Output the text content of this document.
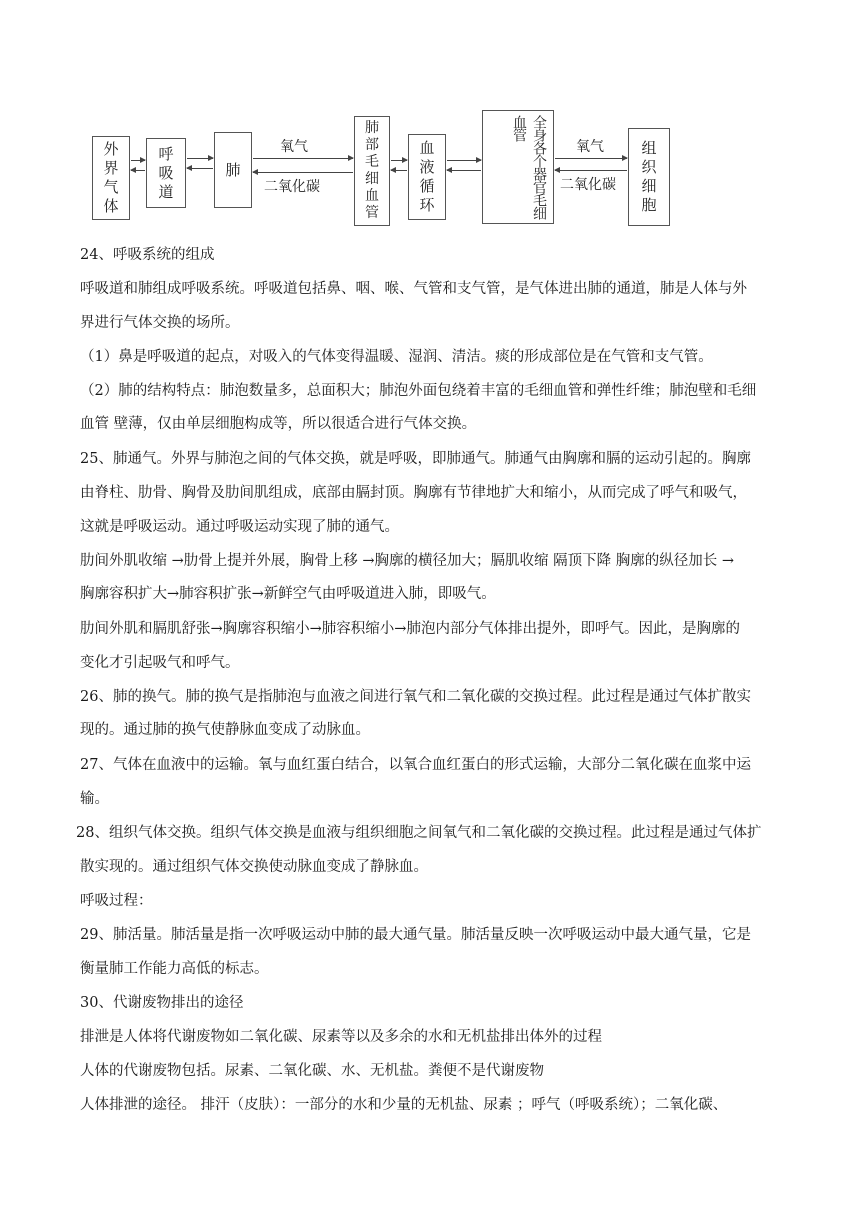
外
界
气
体
呼
吸
道
肺
肺
部
毛
细
血
管
血
液
循
环	全身各个器官毛细血管
组
织
细
胞
氧气
二氧化碳
氧气
二氧化碳
24、呼吸系统的组成
呼吸道和肺组成呼吸系统。呼吸道包括鼻、咽、喉、气管和支气管，是气体进出肺的通道，肺是人体与外
界进行气体交换的场所。
（1）鼻是呼吸道的起点，对吸入的气体变得温暖、湿润、清洁。痰的形成部位是在气管和支气管。
（2）肺的结构特点：肺泡数量多，总面积大；肺泡外面包绕着丰富的毛细血管和弹性纤维；肺泡壁和毛细
血管 壁薄，仅由单层细胞构成等，所以很适合进行气体交换。
25、肺通气。外界与肺泡之间的气体交换，就是呼吸，即肺通气。肺通气由胸廓和膈的运动引起的。胸廓
由脊柱、肋骨、胸骨及肋间肌组成，底部由膈封顶。胸廓有节律地扩大和缩小，从而完成了呼气和吸气，
这就是呼吸运动。通过呼吸运动实现了肺的通气。
肋间外肌收缩 →肋骨上提并外展，胸骨上移 →胸廓的横径加大；膈肌收缩 隔顶下降 胸廓的纵径加长 →
胸廓容积扩大→肺容积扩张→新鲜空气由呼吸道进入肺，即吸气。
肋间外肌和膈肌舒张→胸廓容积缩小→肺容积缩小→肺泡内部分气体排出提外，即呼气。因此，是胸廓的
变化才引起吸气和呼气。
26、肺的换气。肺的换气是指肺泡与血液之间进行氧气和二氧化碳的交换过程。此过程是通过气体扩散实
现的。通过肺的换气使静脉血变成了动脉血。
27、气体在血液中的运输。氧与血红蛋白结合，以氧合血红蛋白的形式运输，大部分二氧化碳在血浆中运
输。
28、组织气体交换。组织气体交换是血液与组织细胞之间氧气和二氧化碳的交换过程。此过程是通过气体扩
散实现的。通过组织气体交换使动脉血变成了静脉血。
呼吸过程：
29、肺活量。肺活量是指一次呼吸运动中肺的最大通气量。肺活量反映一次呼吸运动中最大通气量，它是
衡量肺工作能力高低的标志。
30、代谢废物排出的途径
排泄是人体将代谢废物如二氧化碳、尿素等以及多余的水和无机盐排出体外的过程
人体的代谢废物包括。尿素、二氧化碳、水、无机盐。粪便不是代谢废物
人体排泄的途径。 排汗（皮肤）：一部分的水和少量的无机盐、尿素 ；呼气（呼吸系统）；二氧化碳、
